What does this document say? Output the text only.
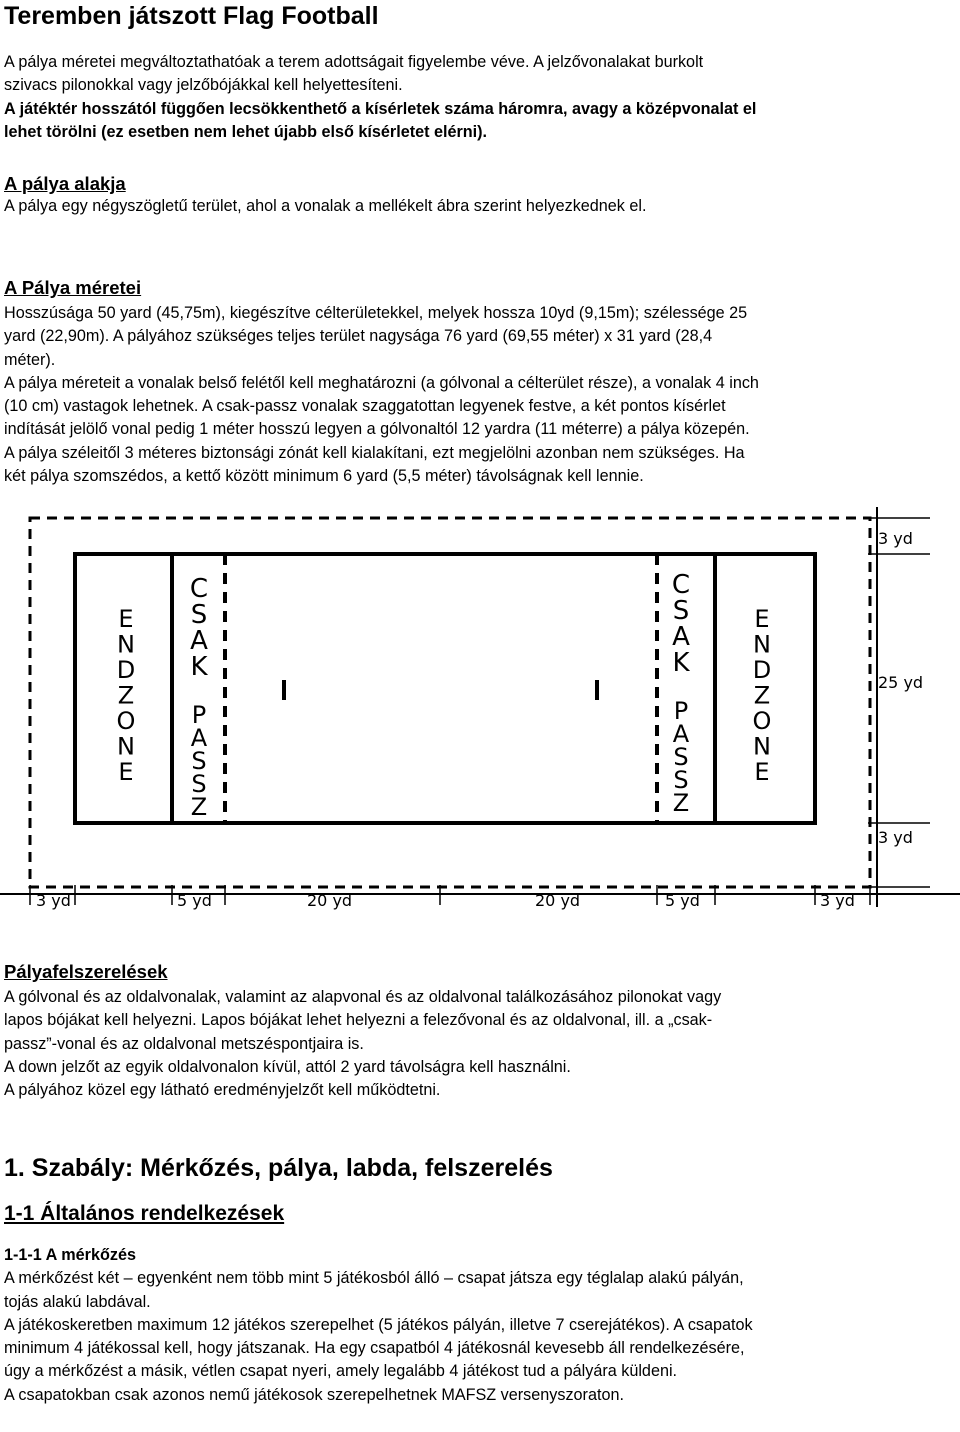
Teremben játszott Flag Football

A pálya méretei megváltoztathatóak a terem adottságait figyelembe véve. A jelzővonalakat burkolt

szivacs pilonokkal vagy jelzőbójákkal kell helyettesíteni.

A játéktér hosszától függően lecsökkenthető a kísérletek száma háromra, avagy a középvonalat el

lehet törölni (ez esetben nem lehet újabb első kísérletet elérni).

A pálya alakja

A pálya egy négyszögletű terület, ahol a vonalak a mellékelt ábra szerint helyezkednek el.

A Pálya méretei

Hosszúsága 50 yard (45,75m), kiegészítve célterületekkel, melyek hossza 10yd (9,15m); szélessége 25

yard (22,90m). A pályához szükséges teljes terület nagysága 76 yard (69,55 méter) x 31 yard (28,4

méter).

A pálya méreteit a vonalak belső felétől kell meghatározni (a gólvonal a célterület része), a vonalak 4 inch

(10 cm) vastagok lehetnek. A csak-passz vonalak szaggatottan legyenek festve, a két pontos kísérlet

indítását jelölő vonal pedig 1 méter hosszú legyen a gólvonaltól 12 yardra (11 méterre) a pálya közepén.

A pálya széleitől 3 méteres biztonsági zónát kell kialakítani, ezt megjelölni azonban nem szükséges. Ha

két pálya szomszédos, a kettő között minimum 6 yard (5,5 méter) távolságnak kell lennie.

Pályafelszerelések

A gólvonal és az oldalvonalak, valamint az alapvonal és az oldalvonal találkozásához pilonokat vagy

lapos bójákat kell helyezni. Lapos bójákat lehet helyezni a felezővonal és az oldalvonal, ill. a „csak-

passz”-vonal és az oldalvonal metszéspontjaira is.

A down jelzőt az egyik oldalvonalon kívül, attól 2 yard távolságra kell használni.

A pályához közel egy látható eredményjelzőt kell működtetni.

1. Szabály: Mérkőzés, pálya, labda, felszerelés

1-1 Általános rendelkezések

1-1-1 A mérkőzés

A mérkőzést két – egyenként nem több mint 5 játékosból álló – csapat játsza egy téglalap alakú pályán,

tojás alakú labdával.

A játékoskeretben maximum 12 játékos szerepelhet (5 játékos pályán, illetve 7 cserejátékos). A csapatok

minimum 4 játékossal kell, hogy játszanak. Ha egy csapatból 4 játékosnál kevesebb áll rendelkezésére,

úgy a mérkőzést a másik, vétlen csapat nyeri, amely legalább 4 játékost tud a pályára küldeni.

A csapatokban csak azonos nemű játékosok szerepelhetnek MAFSZ versenyszoraton.

E
N
D
Z
O
N
E
E
N
D
Z
O
N
E
C
S
A
K
P
A
S
S
Z
C
S
A
K
P
A
S
S
Z
3 yd
25 yd
3 yd
3 yd	5 yd	20 yd	20 yd	5 yd	3 yd
